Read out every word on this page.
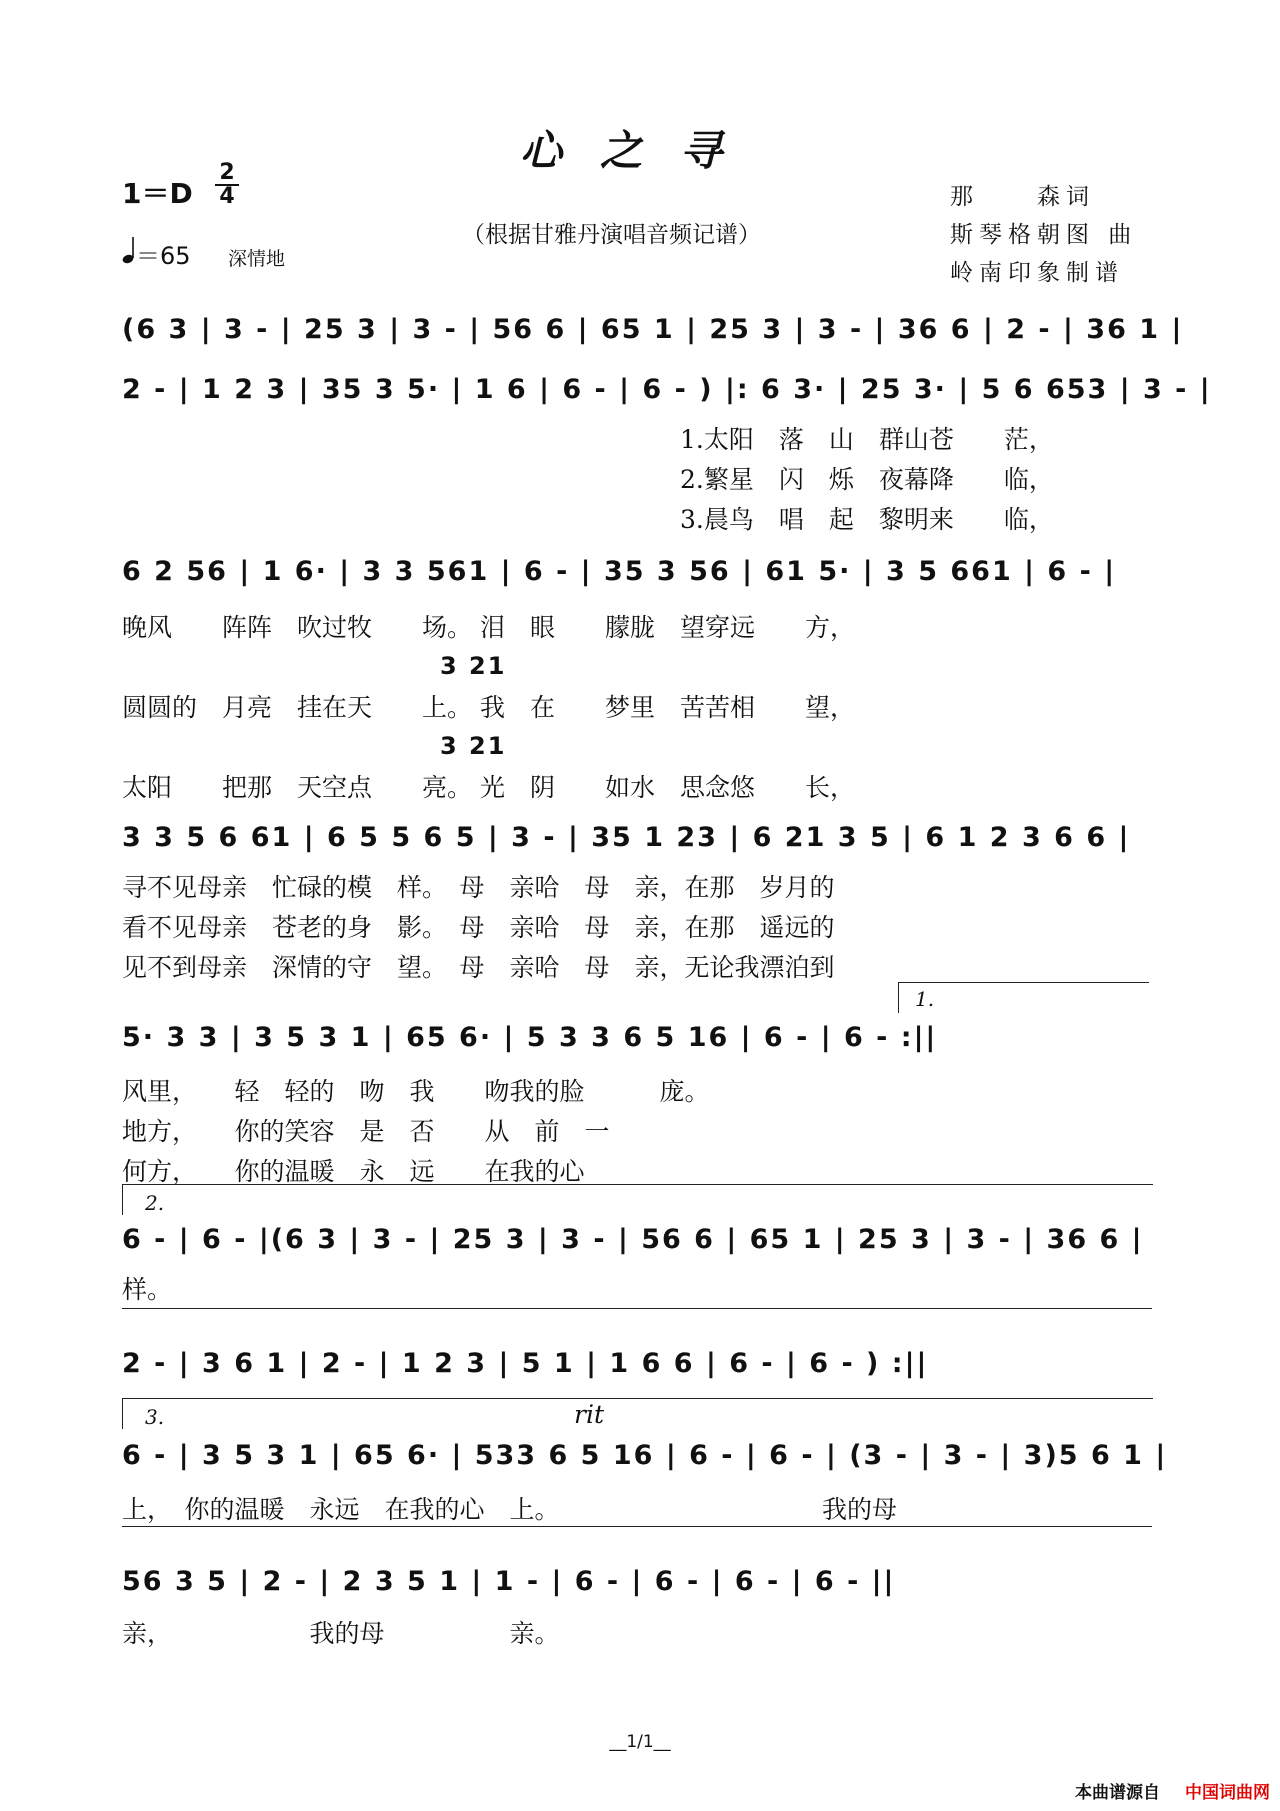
心之寻
$1=D \frac{2}{4}$
＝65 深情地
（根据甘雅丹演唱音频记谱）
那　　森词
斯琴格朝图 曲
岭南印象制谱
(6 3 | 3 - | 25 3 | 3 - | 56 6 | 65 1 | 25 3 | 3 - | 36 6 | 2 - | 36 1 |
2 - | 1 2 3 | 35 3 5· | 1 6 | 6 - | 6 - ) |: 6 3· | 25 3· | 5 6 653 | 3 - |
1.太阳　落　山　群山苍　　茫，
2.繁星　闪　烁　夜幕降　　临，
3.晨鸟　唱　起　黎明来　　临，
6 2 56 | 1 6· | 3 3 561 | 6 - | 35 3 56 | 61 5· | 3 5 661 | 6 - |
晚风　　阵阵　吹过牧　　场。 泪　眼　　朦胧　望穿远　　方，
3 21
圆圆的　月亮　挂在天　　上。 我　在　　梦里　苦苦相　　望，
3 21
太阳　　把那　天空点　　亮。 光　阴　　如水　思念悠　　长，
3 3 5 6 61 | 6 5 5 6 5 | 3 - | 35 1 23 | 6 21 3 5 | 6 1 2 3 6 6 |
寻不见母亲　忙碌的模　样。　母　亲哈　母　亲，在那　岁月的
看不见母亲　苍老的身　影。　母　亲哈　母　亲，在那　遥远的
见不到母亲　深情的守　望。　母　亲哈　母　亲，无论我漂泊到
1.
5· 3 3 | 3 5 3 1 | 65 6· | 5 3 3 6 5 16 | 6 - | 6 - :||
风里，　　轻　轻的　吻　我　　吻我的脸　　　庞。
地方，　　你的笑容　是　否　　从　前　一
何方，　　你的温暖　永　远　　在我的心
2.
6 - | 6 - |(6 3 | 3 - | 25 3 | 3 - | 56 6 | 65 1 | 25 3 | 3 - | 36 6 |
样。
2 - | 3 6 1 | 2 - | 1 2 3 | 5 1 | 1 6 6 | 6 - | 6 - ) :||
rit
3.
6 - | 3 5 3 1 | 65 6· | 533 6 5 16 | 6 - | 6 - | (3 - | 3 - | 3)5 6 1 |
上，　你的温暖　永远　在我的心　上。　　　　　　　　　　　我的母
56 3 5 | 2 - | 2 3 5 1 | 1 - | 6 - | 6 - | 6 - | 6 - ||
亲，　　　　　　我的母　　　　　亲。
__1/1__
本曲谱源自 中国词曲网
